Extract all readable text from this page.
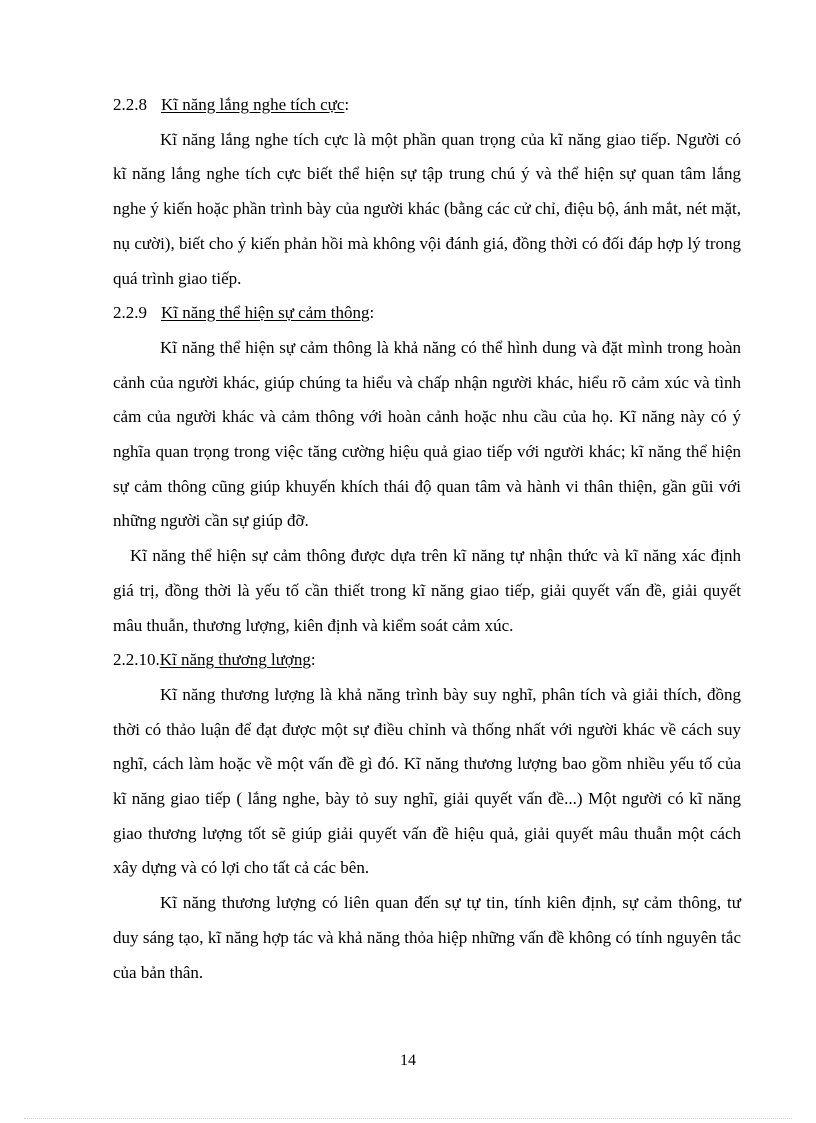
2.2.8 Kĩ năng lắng nghe tích cực:

Kĩ năng lắng nghe tích cực là một phần quan trọng của kĩ năng giao tiếp. Người có kĩ năng lắng nghe tích cực biết thể hiện sự tập trung chú ý và thể hiện sự quan tâm lắng nghe ý kiến hoặc phần trình bày của người khác (bằng các cử chỉ, điệu bộ, ánh mắt, nét mặt, nụ cười), biết cho ý kiến phản hồi mà không vội đánh giá, đồng thời có đối đáp hợp lý trong quá trình giao tiếp.

2.2.9 Kĩ năng thể hiện sự cảm thông:

Kĩ năng thể hiện sự cảm thông là khả năng có thể hình dung và đặt mình trong hoàn cảnh của người khác, giúp chúng ta hiểu và chấp nhận người khác, hiểu rõ cảm xúc và tình cảm của người khác và cảm thông với hoàn cảnh hoặc nhu cầu của họ. Kĩ năng này có ý nghĩa quan trọng trong việc tăng cường hiệu quả giao tiếp với người khác; kĩ năng thể hiện sự cảm thông cũng giúp khuyến khích thái độ quan tâm và hành vi thân thiện, gần gũi với những người cần sự giúp đỡ.

Kĩ năng thể hiện sự cảm thông được dựa trên kĩ năng tự nhận thức và kĩ năng xác định giá trị, đồng thời là yếu tố cần thiết trong kĩ năng giao tiếp, giải quyết vấn đề, giải quyết mâu thuẫn, thương lượng, kiên định và kiểm soát cảm xúc.

2.2.10.Kĩ năng thương lượng:

Kĩ năng thương lượng là khả năng trình bày suy nghĩ, phân tích và giải thích, đồng thời có thảo luận để đạt được một sự điều chỉnh và thống nhất với người khác về cách suy nghĩ, cách làm hoặc về một vấn đề gì đó. Kĩ năng thương lượng bao gồm nhiều yếu tố của kĩ năng giao tiếp ( lắng nghe, bày tỏ suy nghĩ, giải quyết vấn đề...) Một người có kĩ năng giao thương lượng tốt sẽ giúp giải quyết vấn đề hiệu quả, giải quyết mâu thuẫn một cách xây dựng và có lợi cho tất cả các bên.

Kĩ năng thương lượng có liên quan đến sự tự tin, tính kiên định, sự cảm thông, tư duy sáng tạo, kĩ năng hợp tác và khả năng thỏa hiệp những vấn đề không có tính nguyên tắc của bản thân.

14
